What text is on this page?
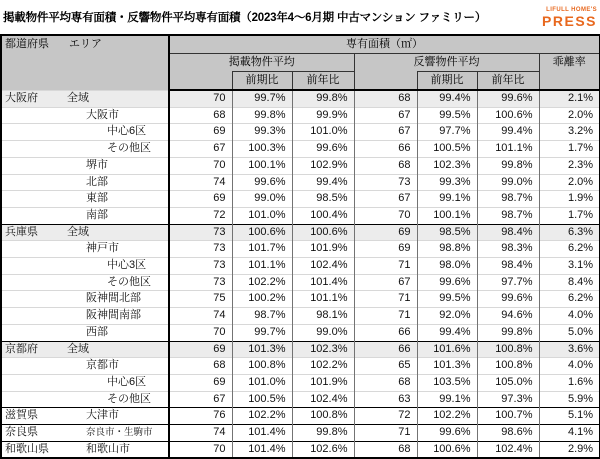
掲載物件平均専有面積・反響物件平均専有面積（2023年4～6月期 中古マンション ファミリー）
LIFULL HOME'S
PRESS
都道府県 エリア	専有面積（㎡）						
	掲載物件平均			反響物件平均			乖離率
		前期比	前年比		前期比	前年比	

大阪府 全域	70	99.7%	99.8%	68	99.4%	99.6%	2.1%

大阪市	68	99.8%	99.9%	67	99.5%	100.6%	2.0%

中心6区	69	99.3%	101.0%	67	97.7%	99.4%	3.2%

その他区	67	100.3%	99.6%	66	100.5%	101.1%	1.7%

堺市	70	100.1%	102.9%	68	102.3%	99.8%	2.3%

北部	74	99.6%	99.4%	73	99.3%	99.0%	2.0%

東部	69	99.0%	98.5%	67	99.1%	98.7%	1.9%

南部	72	101.0%	100.4%	70	100.1%	98.7%	1.7%

兵庫県 全域	73	100.6%	100.6%	69	98.5%	98.4%	6.3%

神戸市	73	101.7%	101.9%	69	98.8%	98.3%	6.2%

中心3区	73	101.1%	102.4%	71	98.0%	98.4%	3.1%

その他区	73	102.2%	101.4%	67	99.6%	97.7%	8.4%

阪神間北部	75	100.2%	101.1%	71	99.5%	99.6%	6.2%

阪神間南部	74	98.7%	98.1%	71	92.0%	94.6%	4.0%

西部	70	99.7%	99.0%	66	99.4%	99.8%	5.0%

京都府 全域	69	101.3%	102.3%	66	101.6%	100.8%	3.6%

京都市	68	100.8%	102.2%	65	101.3%	100.8%	4.0%

中心6区	69	101.0%	101.9%	68	103.5%	105.0%	1.6%

その他区	67	100.5%	102.4%	63	99.1%	97.3%	5.9%

滋賀県 大津市	76	102.2%	100.8%	72	102.2%	100.7%	5.1%

奈良県 奈良市・生駒市	74	101.4%	99.8%	71	99.6%	98.6%	4.1%

和歌山県 和歌山市	70	101.4%	102.6%	68	100.6%	102.4%	2.9%
